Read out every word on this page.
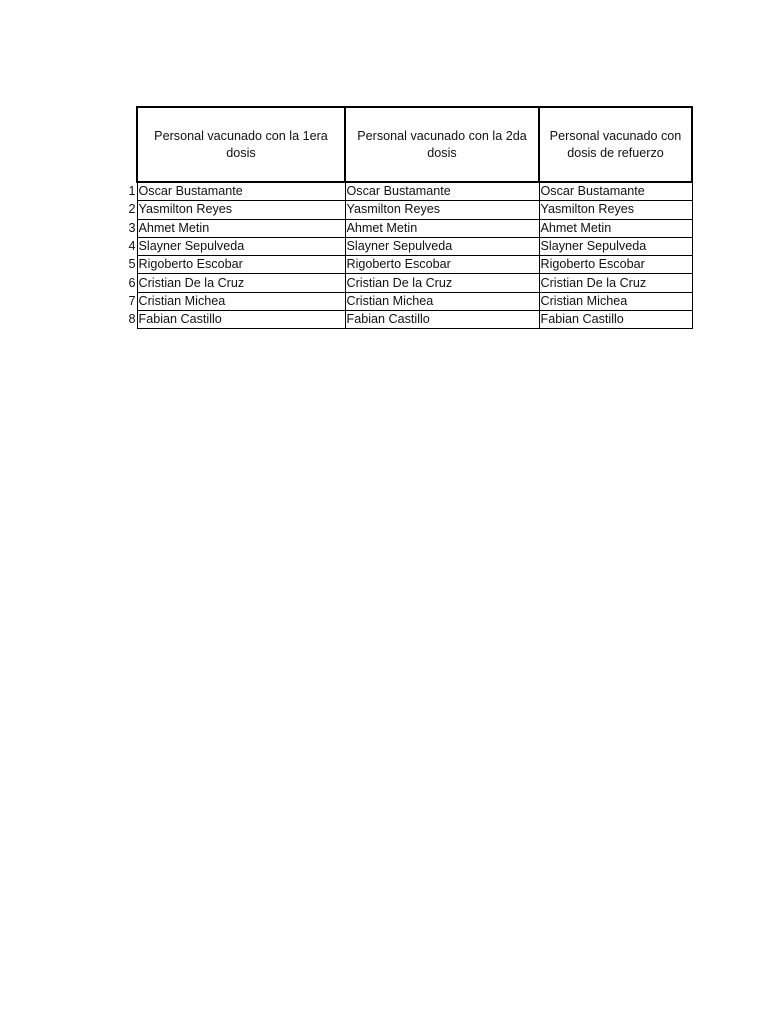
	Personal vacunado con la 1era dosis	Personal vacunado con la 2da dosis	Personal vacunado con dosis de refuerzo
1	Oscar Bustamante	Oscar Bustamante	Oscar Bustamante
2	Yasmilton Reyes	Yasmilton Reyes	Yasmilton Reyes
3	Ahmet Metin	Ahmet Metin	Ahmet Metin
4	Slayner Sepulveda	Slayner Sepulveda	Slayner Sepulveda
5	Rigoberto Escobar	Rigoberto Escobar	Rigoberto Escobar
6	Cristian De la Cruz	Cristian De la Cruz	Cristian De la Cruz
7	Cristian Michea	Cristian Michea	Cristian Michea
8	Fabian Castillo	Fabian Castillo	Fabian Castillo
